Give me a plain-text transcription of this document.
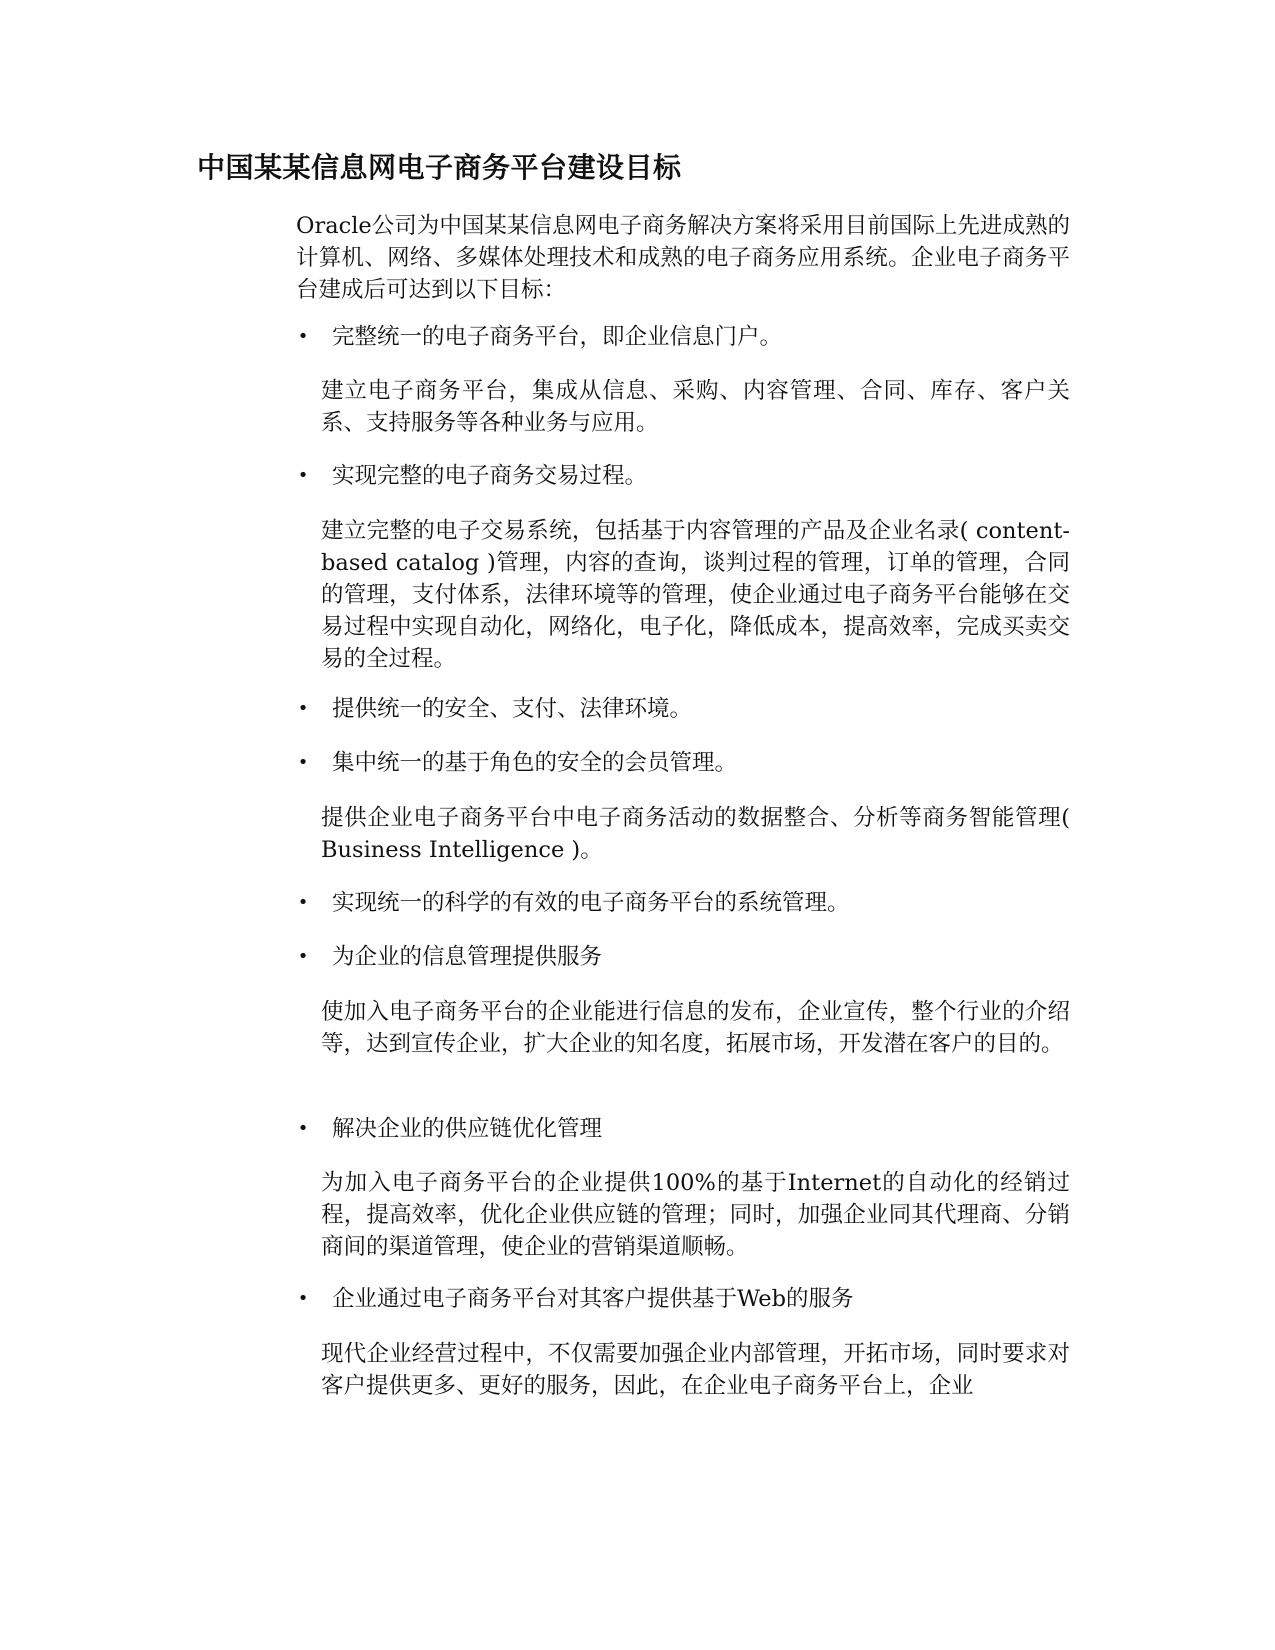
中国某某信息网电子商务平台建设目标

Oracle公司为中国某某信息网电子商务解决方案将采用目前国际上先进成熟的计算机、网络、多媒体处理技术和成熟的电子商务应用系统。企业电子商务平台建成后可达到以下目标：

• 完整统一的电子商务平台，即企业信息门户。

建立电子商务平台，集成从信息、采购、内容管理、合同、库存、客户关系、支持服务等各种业务与应用。

• 实现完整的电子商务交易过程。

建立完整的电子交易系统，包括基于内容管理的产品及企业名录( content-based catalog )管理，内容的查询，谈判过程的管理，订单的管理，合同的管理，支付体系，法律环境等的管理，使企业通过电子商务平台能够在交易过程中实现自动化，网络化，电子化，降低成本，提高效率，完成买卖交易的全过程。

• 提供统一的安全、支付、法律环境。
• 集中统一的基于角色的安全的会员管理。

提供企业电子商务平台中电子商务活动的数据整合、分析等商务智能管理( Business Intelligence )。

• 实现统一的科学的有效的电子商务平台的系统管理。
• 为企业的信息管理提供服务

使加入电子商务平台的企业能进行信息的发布，企业宣传，整个行业的介绍等，达到宣传企业，扩大企业的知名度，拓展市场，开发潜在客户的目的。

• 解决企业的供应链优化管理

为加入电子商务平台的企业提供100%的基于Internet的自动化的经销过程，提高效率，优化企业供应链的管理；同时，加强企业同其代理商、分销商间的渠道管理，使企业的营销渠道顺畅。

• 企业通过电子商务平台对其客户提供基于Web的服务

现代企业经营过程中，不仅需要加强企业内部管理，开拓市场，同时要求对客户提供更多、更好的服务，因此，在企业电子商务平台上，企业
